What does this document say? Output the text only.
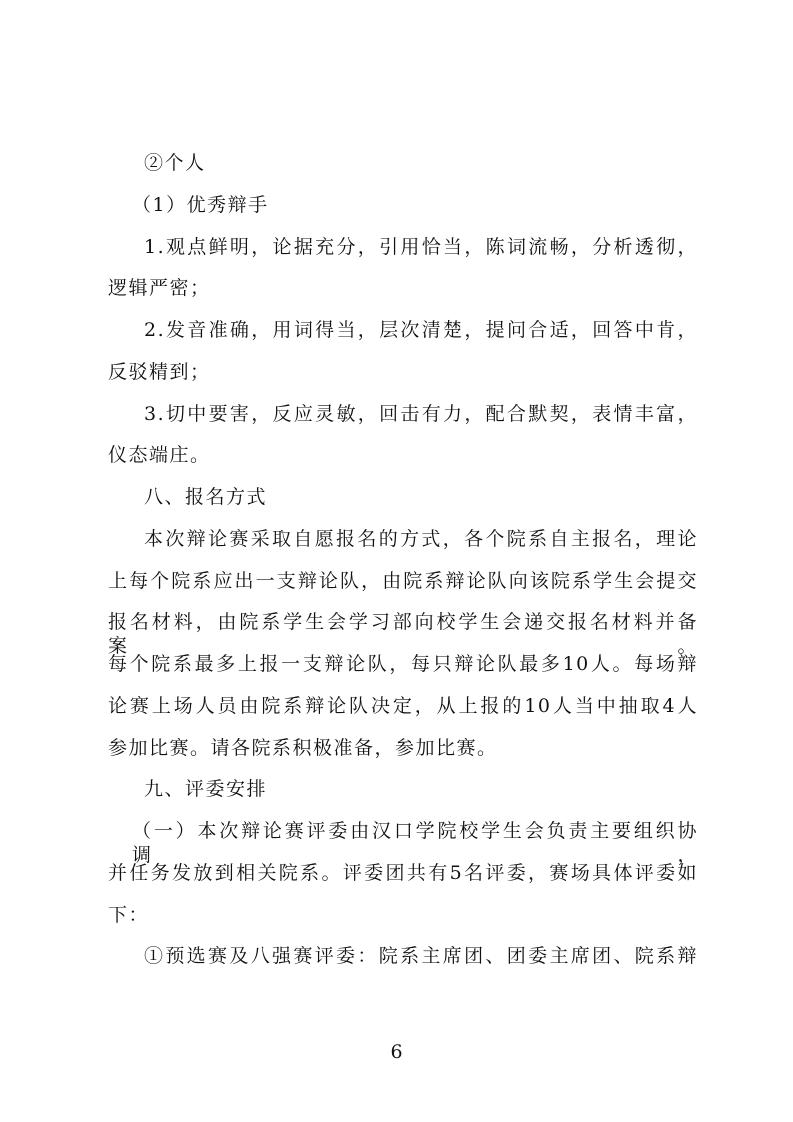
②个人
（1）优秀辩手
1.观点鲜明，论据充分，引用恰当，陈词流畅，分析透彻，
逻辑严密；
2.发音准确，用词得当，层次清楚，提问合适，回答中肯，
反驳精到；
3.切中要害，反应灵敏，回击有力，配合默契，表情丰富，
仪态端庄。
八、报名方式
本次辩论赛采取自愿报名的方式，各个院系自主报名，理论
上每个院系应出一支辩论队，由院系辩论队向该院系学生会提交
报名材料，由院系学生会学习部向校学生会递交报名材料并备案。
每个院系最多上报一支辩论队，每只辩论队最多10人。每场辩
论赛上场人员由院系辩论队决定，从上报的10人当中抽取4人
参加比赛。请各院系积极准备，参加比赛。
九、评委安排
（一）本次辩论赛评委由汉口学院校学生会负责主要组织协调，
并任务发放到相关院系。评委团共有5名评委，赛场具体评委如
下：
①预选赛及八强赛评委：院系主席团、团委主席团、院系辩
6
